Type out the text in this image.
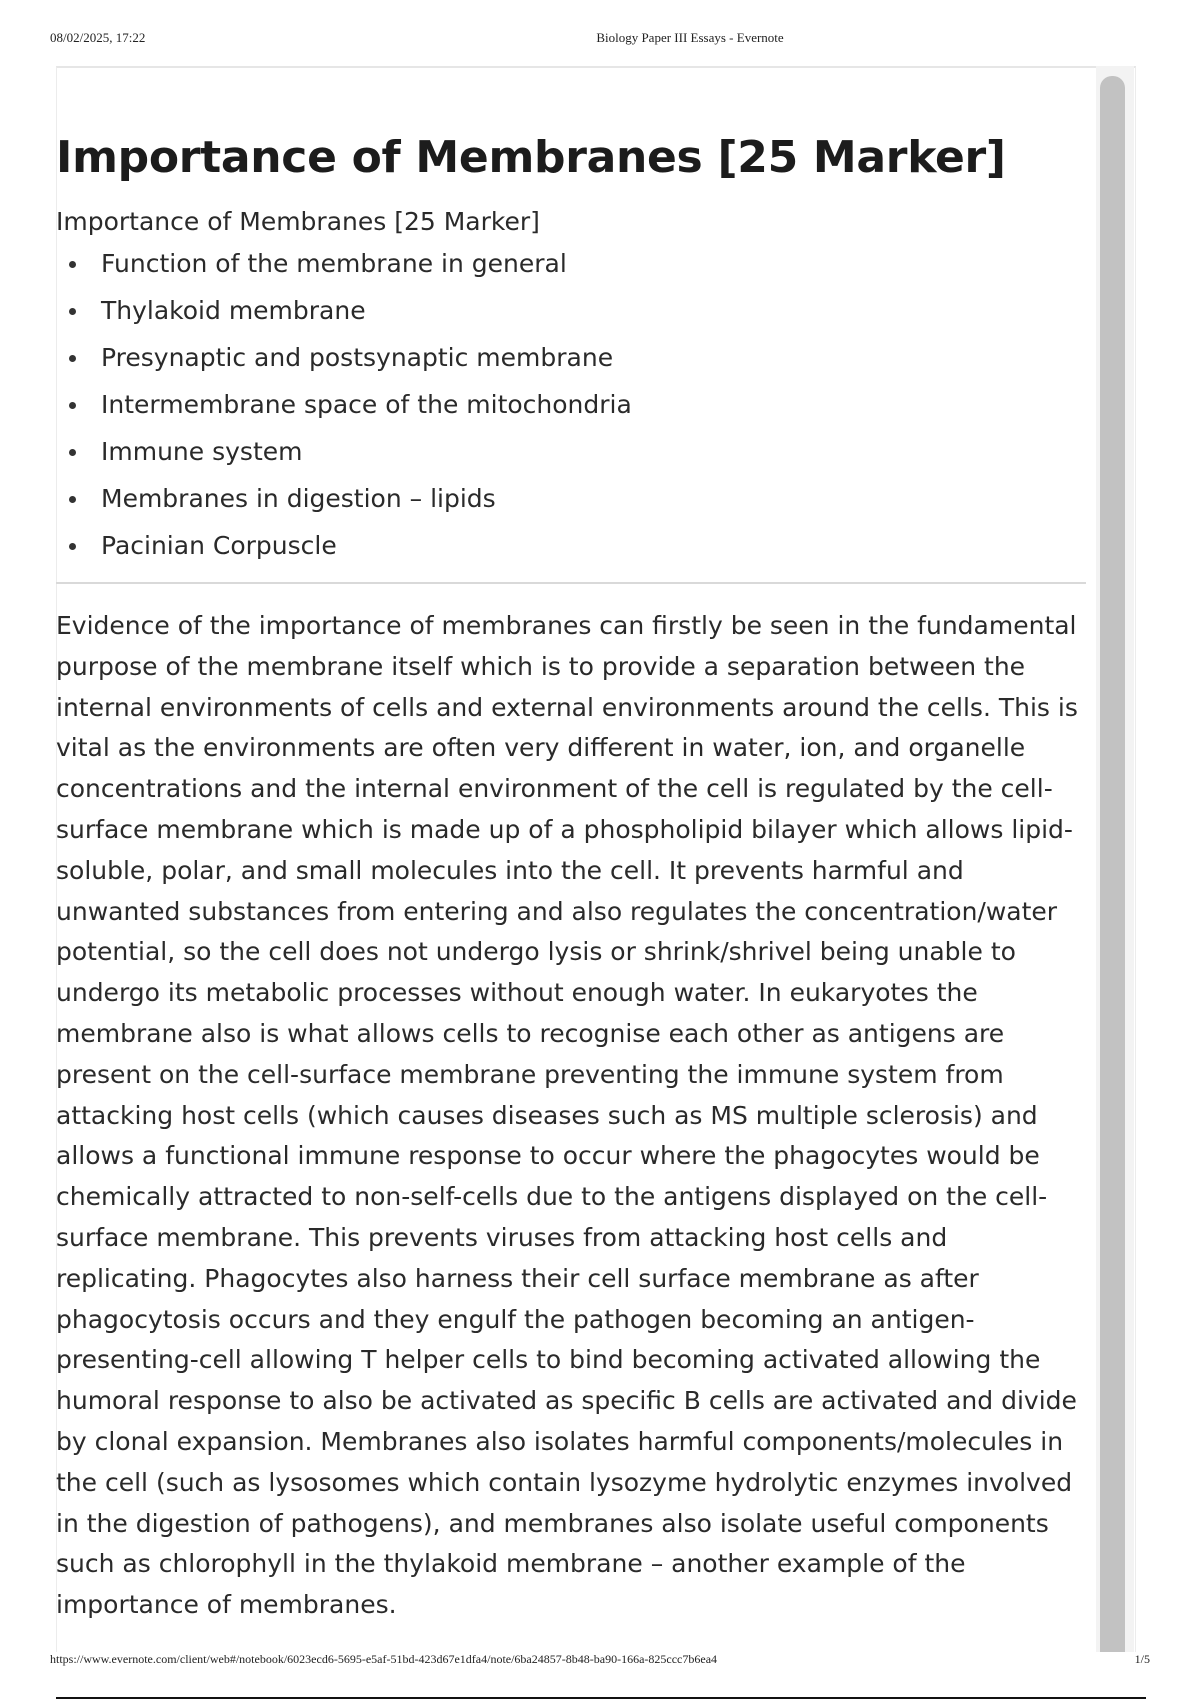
08/02/2025, 17:22	Biology Paper III Essays - Evernote
Importance of Membranes [25 Marker]
Importance of Membranes [25 Marker]
Function of the membrane in general
Thylakoid membrane
Presynaptic and postsynaptic membrane
Intermembrane space of the mitochondria
Immune system
Membranes in digestion – lipids
Pacinian Corpuscle

Evidence of the importance of membranes can firstly be seen in the fundamental purpose of the membrane itself which is to provide a separation between the internal environments of cells and external environments around the cells. This is vital as the environments are often very different in water, ion, and organelle concentrations and the internal environment of the cell is regulated by the cell-surface membrane which is made up of a phospholipid bilayer which allows lipid-soluble, polar, and small molecules into the cell. It prevents harmful and unwanted substances from entering and also regulates the concentration/water potential, so the cell does not undergo lysis or shrink/shrivel being unable to undergo its metabolic processes without enough water. In eukaryotes the membrane also is what allows cells to recognise each other as antigens are present on the cell-surface membrane preventing the immune system from attacking host cells (which causes diseases such as MS multiple sclerosis) and allows a functional immune response to occur where the phagocytes would be chemically attracted to non-self-cells due to the antigens displayed on the cell-surface membrane. This prevents viruses from attacking host cells and replicating. Phagocytes also harness their cell surface membrane as after phagocytosis occurs and they engulf the pathogen becoming an antigen-presenting-cell allowing T helper cells to bind becoming activated allowing the humoral response to also be activated as specific B cells are activated and divide by clonal expansion. Membranes also isolates harmful components/molecules in the cell (such as lysosomes which contain lysozyme hydrolytic enzymes involved in the digestion of pathogens), and membranes also isolate useful components such as chlorophyll in the thylakoid membrane – another example of the importance of membranes.

https://www.evernote.com/client/web#/notebook/6023ecd6-5695-e5af-51bd-423d67e1dfa4/note/6ba24857-8b48-ba90-166a-825ccc7b6ea4	1/5
